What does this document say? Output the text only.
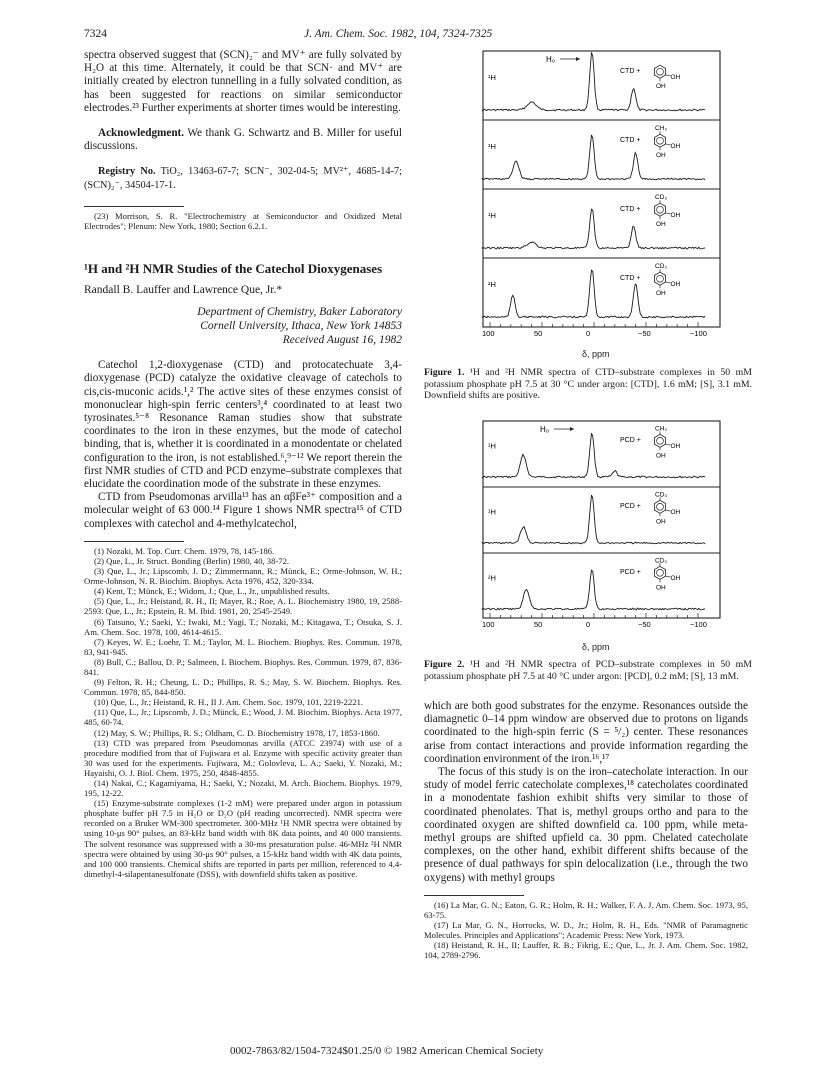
7324	J. Am. Chem. Soc. 1982, 104, 7324-7325

spectra observed suggest that (SCN)₂⁻ and MV⁺ are fully solvated by H₂O at this time. Alternately, it could be that SCN· and MV⁺ are initially created by electron tunnelling in a fully solvated condition, as has been suggested for reactions on similar semiconductor electrodes.²³ Further experiments at shorter times would be interesting.

Acknowledgment. We thank G. Schwartz and B. Miller for useful discussions.

Registry No. TiO₂, 13463-67-7; SCN⁻, 302-04-5; MV²⁺, 4685-14-7; (SCN)₂⁻, 34504-17-1.

(23) Morrison, S. R. "Electrochemistry at Semiconductor and Oxidized Metal Electrodes"; Plenum: New York, 1980; Section 6.2.1.

¹H and ²H NMR Studies of the Catechol Dioxygenases
Randall B. Lauffer and Lawrence Que, Jr.*
Department of Chemistry, Baker Laboratory
Cornell University, Ithaca, New York 14853
Received August 16, 1982

Catechol 1,2-dioxygenase (CTD) and protocatechuate 3,4-dioxygenase (PCD) catalyze the oxidative cleavage of catechols to cis,cis-muconic acids.¹,² The active sites of these enzymes consist of mononuclear high-spin ferric centers³,⁴ coordinated to at least two tyrosinates.⁵⁻⁸ Resonance Raman studies show that substrate coordinates to the iron in these enzymes, but the mode of catechol binding, that is, whether it is coordinated in a monodentate or chelated configuration to the iron, is not established.⁶,⁹⁻¹² We report therein the first NMR studies of CTD and PCD enzyme–substrate complexes that elucidate the coordination mode of the substrate in these enzymes.

CTD from Pseudomonas arvilla¹³ has an αβFe³⁺ composition and a molecular weight of 63 000.¹⁴ Figure 1 shows NMR spectra¹⁵ of CTD complexes with catechol and 4-methylcatechol,

(1) Nozaki, M. Top. Curr. Chem. 1979, 78, 145-186.

(2) Que, L., Jr. Struct. Bonding (Berlin) 1980, 40, 38-72.

(3) Que, L., Jr.; Lipscomb, J. D.; Zimmermann, R.; Münck, E.; Orme-Johnson, W. H.; Orme-Johnson, N. R. Biochim. Biophys. Acta 1976, 452, 320-334.

(4) Kent, T.; Münck, E.; Widom, J.; Que, L., Jr., unpublished results.

(5) Que, L., Jr.; Heistand, R. H., II; Mayer, R.; Roe, A. L. Biochemistry 1980, 19, 2588-2593. Que, L., Jr.; Epstein, R. M. Ibid. 1981, 20, 2545-2549.

(6) Tatsuno, Y.; Saeki, Y.; Iwaki, M.; Yagi, T.; Nozaki, M.; Kitagawa, T.; Otsuka, S. J. Am. Chem. Soc. 1978, 100, 4614-4615.

(7) Keyes, W. E.; Loehr, T. M.; Taylor, M. L. Biochem. Biophys. Res. Commun. 1978, 83, 941-945.

(8) Bull, C.; Ballou, D. P.; Salmeen, I. Biochem. Biophys. Res. Commun. 1979, 87, 836-841.

(9) Felton, R. H.; Cheung, L. D.; Phillips, R. S.; May, S. W. Biochem. Biophys. Res. Commun. 1978, 85, 844-850.

(10) Que, L., Jr.; Heistand, R. H., II J. Am. Chem. Soc. 1979, 101, 2219-2221.

(11) Que, L., Jr.; Lipscomb, J. D.; Münck, E.; Wood, J. M. Biochim. Biophys. Acta 1977, 485, 60-74.

(12) May, S. W.; Phillips, R. S.; Oldham, C. D. Biochemistry 1978, 17, 1853-1860.

(13) CTD was prepared from Pseudomonas arvilla (ATCC 23974) with use of a procedure modified from that of Fujiwara et al. Enzyme with specific activity greater than 30 was used for the experiments. Fujiwara, M.; Golovleva, L. A.; Saeki, Y. Nozaki, M.; Hayaishi, O. J. Biol. Chem. 1975, 250, 4848-4855.

(14) Nakai, C.; Kagamiyama, H.; Saeki, Y.; Nozaki, M. Arch. Biochem. Biophys. 1979, 195, 12-22.

(15) Enzyme-substrate complexes (1-2 mM) were prepared under argon in potassium phosphate buffer pH 7.5 in H₂O or D₂O (pH reading uncorrected). NMR spectra were recorded on a Bruker WM-300 spectrometer. 300-MHz ¹H NMR spectra were obtained by using 10-μs 90° pulses, an 83-kHz band width with 8K data points, and 40 000 transients. The solvent resonance was suppressed with a 30-ms presaturation pulse. 46-MHz ²H NMR spectra were obtained by using 30-μs 90° pulses, a 15-kHz band width with 4K data points, and 100 000 transients. Chemical shifts are reported in parts per million, referenced to 4,4-dimethyl-4-silapentanesulfonate (DSS), with downfield shifts taken as positive.

¹H
CTD +
OH
OH
¹H
CTD +
OH
OH
CH₃
¹H
CTD +
OH
OH
CD₃
²H
CTD +
OH
OH
CD₃
100	50	0	−50	−100
H₀
δ, ppm
Figure 1. ¹H and ²H NMR spectra of CTD–substrate complexes in 50 mM potassium phosphate pH 7.5 at 30 °C under argon: [CTD], 1.6 mM; [S], 3.1 mM. Downfield shifts are positive.
¹H
PCD +
OH
OH
CH₃
¹H
PCD +
OH
OH
CD₃
²H
PCD +
OH
OH
CD₃
100	50	0	−50	−100
H₀
δ, ppm
Figure 2. ¹H and ²H NMR spectra of PCD–substrate complexes in 50 mM potassium phosphate pH 7.5 at 40 °C under argon: [PCD], 0.2 mM; [S], 13 mM.

which are both good substrates for the enzyme. Resonances outside the diamagnetic 0–14 ppm window are observed due to protons on ligands coordinated to the high-spin ferric (S = ⁵/₂) center. These resonances arise from contact interactions and provide information regarding the coordination environment of the iron.¹⁶,¹⁷

The focus of this study is on the iron–catecholate interaction. In our study of model ferric catecholate complexes,¹⁸ catecholates coordinated in a monodentate fashion exhibit shifts very similar to those of coordinated phenolates. That is, methyl groups ortho and para to the coordinated oxygen are shifted downfield ca. 100 ppm, while meta-methyl groups are shifted upfield ca. 30 ppm. Chelated catecholate complexes, on the other hand, exhibit different shifts because of the presence of dual pathways for spin delocalization (i.e., through the two oxygens) with methyl groups

(16) La Mar, G. N.; Eaton, G. R.; Holm, R. H.; Walker, F. A. J. Am. Chem. Soc. 1973, 95, 63-75.

(17) La Mar, G. N., Horrocks, W. D., Jr.; Holm, R. H., Eds. "NMR of Paramagnetic Molecules. Principles and Applications"; Academic Press: New York, 1973.

(18) Heistand, R. H., II; Lauffer, R. B.; Fikrig, E.; Que, L., Jr. J. Am. Chem. Soc. 1982, 104, 2789-2796.

0002-7863/82/1504-7324$01.25/0 © 1982 American Chemical Society
